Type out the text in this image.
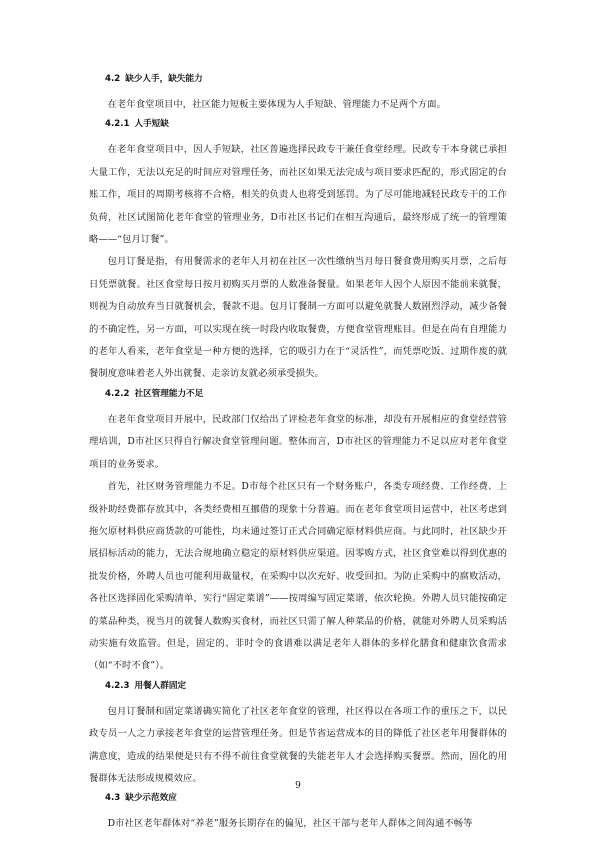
4.2 缺少人手，缺失能力

在老年食堂项目中，社区能力短板主要体现为人手短缺、管理能力不足两个方面。

4.2.1 人手短缺

在老年食堂项目中，因人手短缺，社区普遍选择民政专干兼任食堂经理。民政专干本身就已承担大量工作，无法以充足的时间应对管理任务，而社区如果无法完成与项目要求匹配的，形式固定的台账工作，项目的周期考核将不合格，相关的负责人也将受到惩罚。为了尽可能地减轻民政专干的工作负荷，社区试图简化老年食堂的管理业务，D市社区书记们在相互沟通后，最终形成了统一的管理策略——“包月订餐”。

包月订餐是指，有用餐需求的老年人月初在社区一次性缴纳当月每日餐食费用购买月票，之后每日凭票就餐。社区食堂每日按月初购买月票的人数准备餐量。如果老年人因个人原因不能前来就餐，则视为自动放弃当日就餐机会，餐款不退。包月订餐制一方面可以避免就餐人数剧烈浮动，减少备餐的不确定性，另一方面，可以实现在统一时段内收取餐费，方便食堂管理账目。但是在尚有自理能力的老年人看来，老年食堂是一种方便的选择，它的吸引力在于“灵活性”，而凭票吃饭、过期作废的就餐制度意味着老人外出就餐、走亲访友就必须承受损失。

4.2.2 社区管理能力不足

在老年食堂项目开展中，民政部门仅给出了评检老年食堂的标准，却没有开展相应的食堂经营管理培训，D市社区只得自行解决食堂管理问题。整体而言，D市社区的管理能力不足以应对老年食堂项目的业务要求。

首先，社区财务管理能力不足。D市每个社区只有一个财务账户，各类专项经费、工作经费、上级补助经费都存放其中，各类经费相互挪借的现象十分普遍。而在老年食堂项目运营中，社区考虑到拖欠原材料供应商货款的可能性，均未通过签订正式合同确定原材料供应商。与此同时，社区缺少开展招标活动的能力，无法合规地确立稳定的原材料供应渠道。因零购方式，社区食堂难以得到优惠的批发价格，外聘人员也可能利用裁量权，在采购中以次充好、收受回扣。为防止采购中的腐败活动，各社区选择固化采购清单，实行“固定菜谱”——按周编写固定菜谱，依次轮换。外聘人员只能按确定的菜品种类，视当月的就餐人数购买食材，而社区只需了解人种菜品的价格，就能对外聘人员采购活动实施有效监管。但是，固定的、非时令的食谱难以满足老年人群体的多样化膳食和健康饮食需求（如“不时不食”）。

4.2.3 用餐人群固定

包月订餐制和固定菜谱确实简化了社区老年食堂的管理，社区得以在各项工作的重压之下，以民政专员一人之力承接老年食堂的运营管理任务。但是节省运营成本的目的降低了社区老年用餐群体的满意度，造成的结果便是只有不得不前往食堂就餐的失能老年人才会选择购买餐票。然而，固化的用餐群体无法形成规模效应。

4.3 缺少示范效应

D市社区老年群体对“养老”服务长期存在的偏见，社区干部与老年人群体之间沟通不畅等

9
